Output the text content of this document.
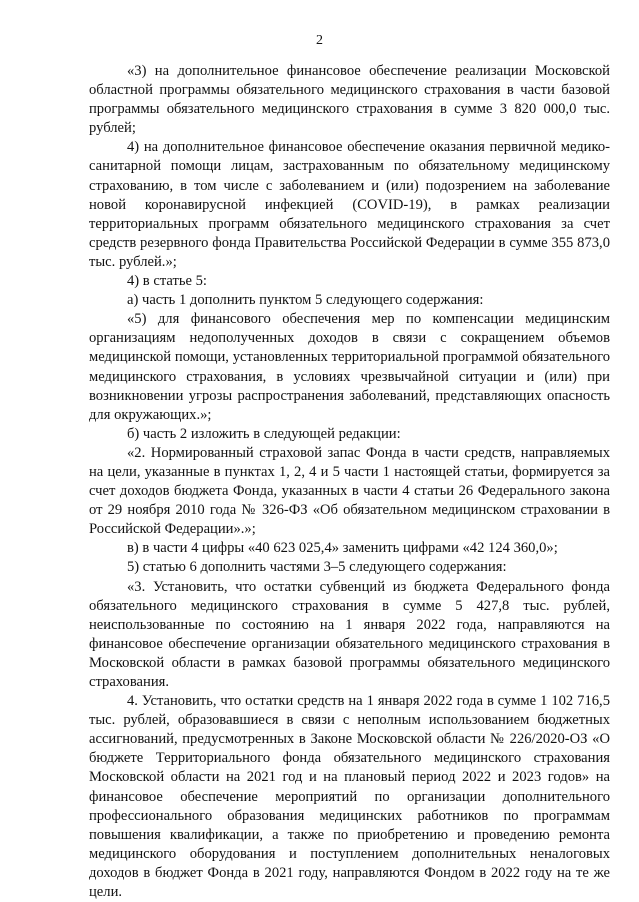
2

«3) на дополнительное финансовое обеспечение реализации Московской областной программы обязательного медицинского страхования в части базовой программы обязательного медицинского страхования в сумме 3 820 000,0 тыс. рублей;

4) на дополнительное финансовое обеспечение оказания первичной медико-санитарной помощи лицам, застрахованным по обязательному медицинскому страхованию, в том числе с заболеванием и (или) подозрением на заболевание новой коронавирусной инфекцией (COVID-19), в рамках реализации территориальных программ обязательного медицинского страхования за счет средств резервного фонда Правительства Российской Федерации в сумме 355 873,0 тыс. рублей.»;

4) в статье 5:

а) часть 1 дополнить пунктом 5 следующего содержания:

«5) для финансового обеспечения мер по компенсации медицинским организациям недополученных доходов в связи с сокращением объемов медицинской помощи, установленных территориальной программой обязательного медицинского страхования, в условиях чрезвычайной ситуации и (или) при возникновении угрозы распространения заболеваний, представляющих опасность для окружающих.»;

б) часть 2 изложить в следующей редакции:

«2. Нормированный страховой запас Фонда в части средств, направляемых на цели, указанные в пунктах 1, 2, 4 и 5 части 1 настоящей статьи, формируется за счет доходов бюджета Фонда, указанных в части 4 статьи 26 Федерального закона от 29 ноября 2010 года № 326-ФЗ «Об обязательном медицинском страховании в Российской Федерации».»;

в) в части 4 цифры «40 623 025,4» заменить цифрами «42 124 360,0»;

5) статью 6 дополнить частями 3–5 следующего содержания:

«3. Установить, что остатки субвенций из бюджета Федерального фонда обязательного медицинского страхования в сумме 5 427,8 тыс. рублей, неиспользованные по состоянию на 1 января 2022 года, направляются на финансовое обеспечение организации обязательного медицинского страхования в Московской области в рамках базовой программы обязательного медицинского страхования.

4. Установить, что остатки средств на 1 января 2022 года в сумме 1 102 716,5 тыс. рублей, образовавшиеся в связи с неполным использованием бюджетных ассигнований, предусмотренных в Законе Московской области № 226/2020-ОЗ «О бюджете Территориального фонда обязательного медицинского страхования Московской области на 2021 год и на плановый период 2022 и 2023 годов» на финансовое обеспечение мероприятий по организации дополнительного профессионального образования медицинских работников по программам повышения квалификации, а также по приобретению и проведению ремонта медицинского оборудования и поступлением дополнительных неналоговых доходов в бюджет Фонда в 2021 году, направляются Фондом в 2022 году на те же цели.
